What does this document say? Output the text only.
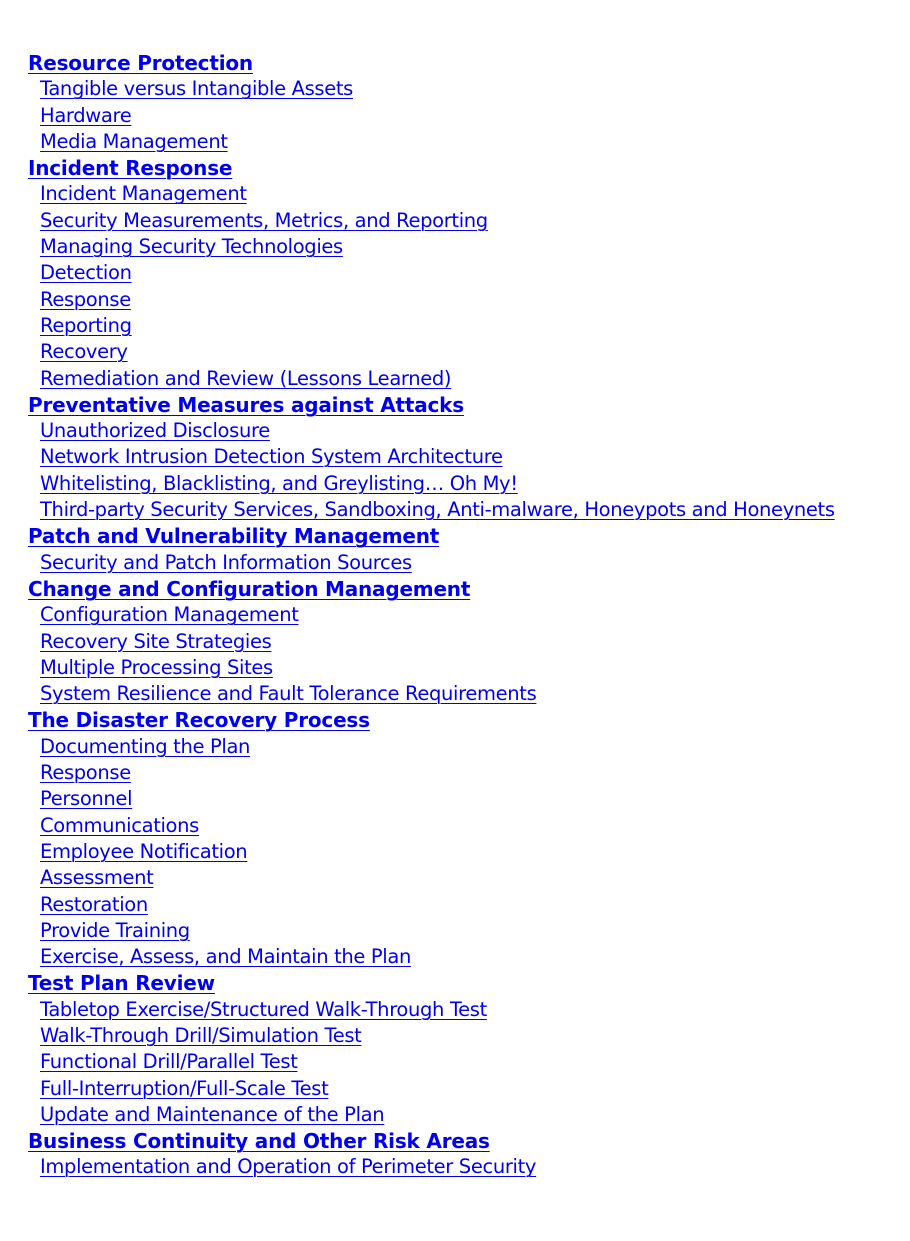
Resource Protection
Tangible versus Intangible Assets
Hardware
Media Management
Incident Response
Incident Management
Security Measurements, Metrics, and Reporting
Managing Security Technologies
Detection
Response
Reporting
Recovery
Remediation and Review (Lessons Learned)
Preventative Measures against Attacks
Unauthorized Disclosure
Network Intrusion Detection System Architecture
Whitelisting, Blacklisting, and Greylisting… Oh My!
Third-party Security Services, Sandboxing, Anti-malware, Honeypots and Honeynets
Patch and Vulnerability Management
Security and Patch Information Sources
Change and Configuration Management
Configuration Management
Recovery Site Strategies
Multiple Processing Sites
System Resilience and Fault Tolerance Requirements
The Disaster Recovery Process
Documenting the Plan
Response
Personnel
Communications
Employee Notification
Assessment
Restoration
Provide Training
Exercise, Assess, and Maintain the Plan
Test Plan Review
Tabletop Exercise/Structured Walk-Through Test
Walk-Through Drill/Simulation Test
Functional Drill/Parallel Test
Full-Interruption/Full-Scale Test
Update and Maintenance of the Plan
Business Continuity and Other Risk Areas
Implementation and Operation of Perimeter Security
